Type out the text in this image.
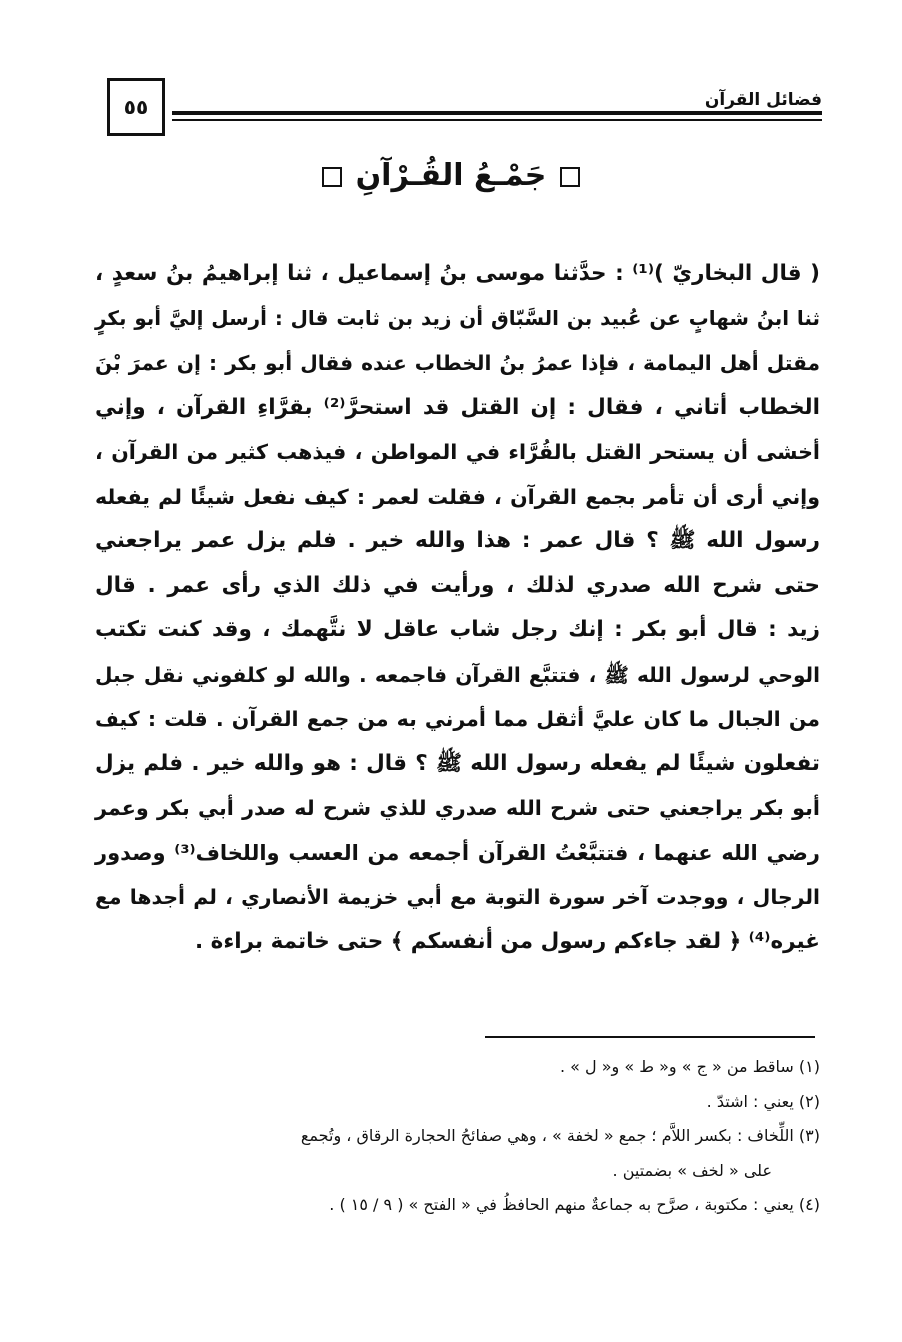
٥٥	فضائل القرآن
جَمْـعُ القُـرْآنِ
( قال البخاريّ )⁽¹⁾ : حدَّثنا موسى بنُ إسماعيل ، ثنا إبراهيمُ بنُ سعدٍ ،
ثنا ابنُ شهابٍ عن عُبيد بن السَّبّاق أن زيد بن ثابت قال : أرسل إليَّ أبو بكرٍ
مقتل أهل اليمامة ، فإذا عمرُ بنُ الخطاب عنده فقال أبو بكر : إن عمرَ بْنَ
الخطاب أتاني ، فقال : إن القتل قد استحرَّ⁽²⁾ بقرَّاءِ القرآن ، وإني
أخشى أن يستحر القتل بالقُرَّاء في المواطن ، فيذهب كثير من القرآن ،
وإني أرى أن تأمر بجمع القرآن ، فقلت لعمر : كيف نفعل شيئًا لم يفعله
رسول الله ﷺ ؟ قال عمر : هذا والله خير . فلم يزل عمر يراجعني
حتى شرح الله صدري لذلك ، ورأيت في ذلك الذي رأى عمر . قال
زيد : قال أبو بكر : إنك رجل شاب عاقل لا نتَّهمك ، وقد كنت تكتب
الوحي لرسول الله ﷺ ، فتتبَّع القرآن فاجمعه . والله لو كلفوني نقل جبل
من الجبال ما كان عليَّ أثقل مما أمرني به من جمع القرآن . قلت : كيف
تفعلون شيئًا لم يفعله رسول الله ﷺ ؟ قال : هو والله خير . فلم يزل
أبو بكر يراجعني حتى شرح الله صدري للذي شرح له صدر أبي بكر وعمر
رضي الله عنهما ، فتتبَّعْتُ القرآن أجمعه من العسب واللخاف⁽³⁾ وصدور
الرجال ، ووجدت آخر سورة التوبة مع أبي خزيمة الأنصاري ، لم أجدها مع
غيره⁽⁴⁾ ﴿ لقد جاءكم رسول من أنفسكم ﴾ حتى خاتمة براءة .
(١) ساقط من « ج » و« ط » و« ل » .
(٢) يعني : اشتدّ .
(٣) اللِّخاف : بكسر اللاَّم ؛ جمع « لخفة » ، وهي صفائحُ الحجارة الرقاق ، وتُجمع
على « لخف » بضمتين .
(٤) يعني : مكتوبة ، صرَّح به جماعةٌ منهم الحافظُ في « الفتح » ( ٩ / ١٥ ) .
